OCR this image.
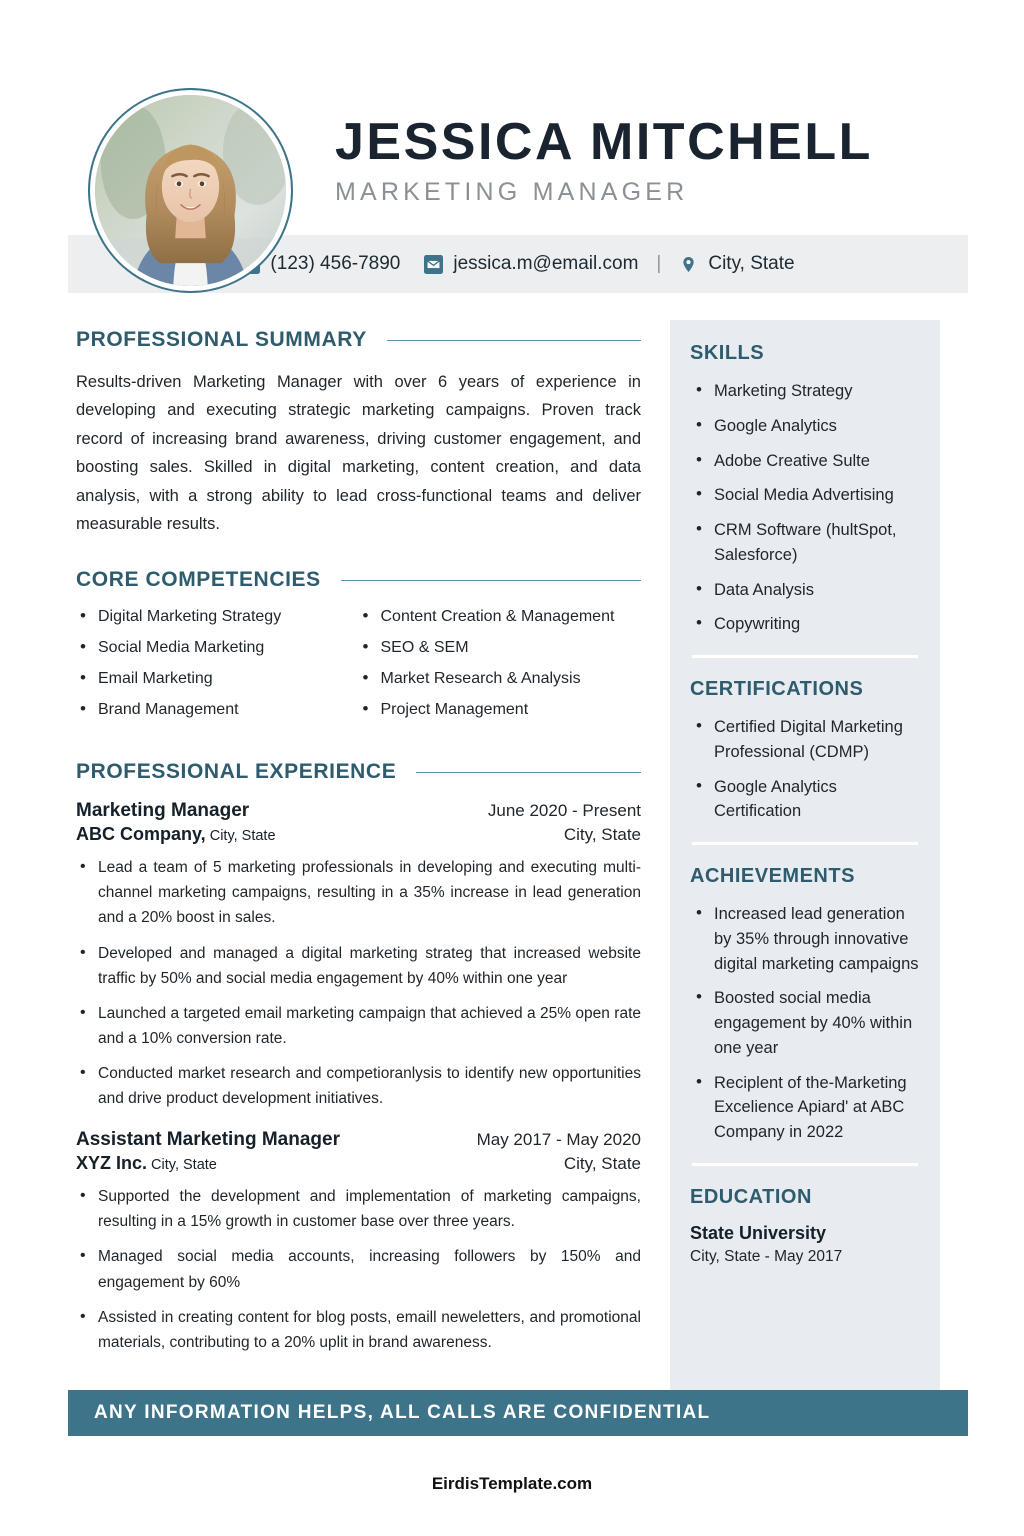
JESSICA MITCHELL
MARKETING MANAGER
(123) 456-7890	jessica.m@email.com | City, State
PROFESSIONAL SUMMARY

Results-driven Marketing Manager with over 6 years of experience in developing and executing strategic marketing campaigns. Proven track record of increasing brand awareness, driving customer engagement, and boosting sales. Skilled in digital marketing, content creation, and data analysis, with a strong ability to lead cross-functional teams and deliver measurable results.

CORE COMPETENCIES
• Digital Marketing Strategy
• Social Media Marketing
• Email Marketing
• Brand Management
• Content Creation & Management
• SEO & SEM
• Market Research & Analysis
• Project Management
PROFESSIONAL EXPERIENCE
Marketing Manager	June 2020 - Present
ABC Company, City, State	City, State
• Lead a team of 5 marketing professionals in developing and executing multi-channel marketing campaigns, resulting in a 35% increase in lead generation and a 20% boost in sales.
• Developed and managed a digital marketing strateg that increased website traffic by 50% and social media engagement by 40% within one year
• Launched a targeted email marketing campaign that achieved a 25% open rate and a 10% conversion rate.
• Conducted market research and competioranlysis to identify new opportunities and drive product development initiatives.
Assistant Marketing Manager	May 2017 - May 2020
XYZ Inc. City, State	City, State
• Supported the development and implementation of marketing campaigns, resulting in a 15% growth in customer base over three years.
• Managed social media accounts, increasing followers by 150% and engagement by 60%
• Assisted in creating content for blog posts, emaill neweletters, and promotional materials, contributing to a 20% uplit in brand awareness.
SKILLS
• Marketing Strategy
• Google Analytics
• Adobe Creative Sulte
• Social Media Advertising
• CRM Software (hultSpot, Salesforce)
• Data Analysis
• Copywriting
CERTIFICATIONS
• Certified Digital Marketing Professional (CDMP)
• Google Analytics Certification
ACHIEVEMENTS
• Increased lead generation by 35% through innovative digital marketing campaigns
• Boosted social media engagement by 40% within one year
• Reciplent of the-Marketing Excelience Apiard' at ABC Company in 2022
EDUCATION
State University
City, State - May 2017
ANY INFORMATION HELPS, ALL CALLS ARE CONFIDENTIAL
EirdisTemplate.com
